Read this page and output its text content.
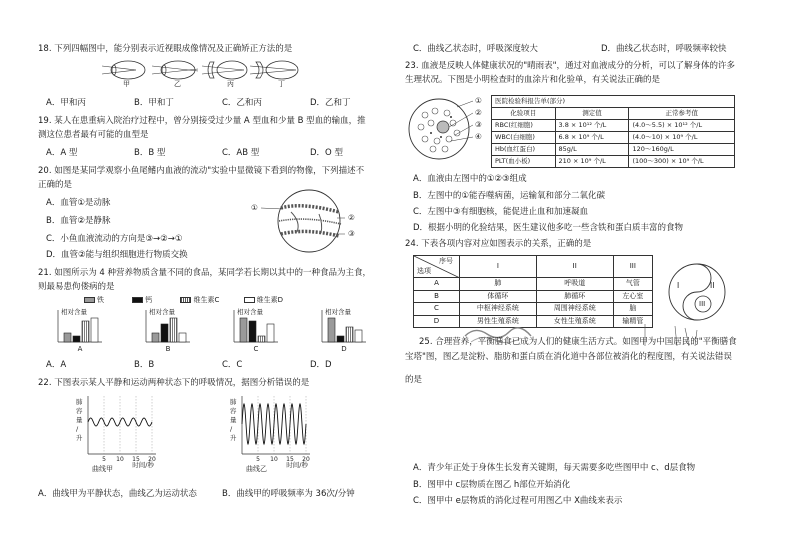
18. 下列四幅图中，能分别表示近视眼成像情况及正确矫正方法的是
甲	乙	丙	丁
A．甲和丙	B．甲和丁	C．乙和丙	D．乙和丁
19. 某人在患重病入院治疗过程中，曾分别接受过少量 A 型血和少量 B 型血的输血，推
测这位患者最有可能的血型是
A．A 型	B．B 型	C．AB 型	D．O 型
20. 如图是某同学观察小鱼尾鳍内血液的流动"实验中显微镜下看到的物像，下列描述不
正确的是
A．血管①是动脉
B．血管②是静脉
C．小鱼血液流动的方向是③→②→①
D．血管②能与组织细胞进行物质交换
①
②
③
21. 如图所示为 4 种营养物质含量不同的食品，某同学若长期以其中的一种食品为主食，
则最易患佝偻病的是
铁	钙	维生素C	维生素D
相对含量
A
相对含量
B
相对含量
C
相对含量
D
A．A	B．B	C．C	D．D
22. 下图表示某人平静和运动两种状态下的呼吸情况，据图分析错误的是
肺
容
量
/
升
5 10 15 20
时间/秒
曲线甲
肺
容
量
/
升
5 10 15 20
时间/秒
曲线乙
A．曲线甲为平静状态，曲线乙为运动状态	B．曲线甲的呼吸频率为 36次/分钟
C．曲线乙状态时，呼吸深度较大	D．曲线乙状态时，呼吸频率较快
23. 血液是反映人体健康状况的"晴雨表"，通过对血液成分的分析，可以了解身体的许多
生理状况。下图是小明检查时的血涂片和化验单，有关说法正确的是
①
②
③
④
医院检验科报告单(部分)		
化验项目	测定值	正常参考值
RBC(红细胞)	3.8 × 10¹² 个/L	(4.0～5.5) × 10¹² 个/L
WBC(白细胞)	6.8 × 10⁹ 个/L	(4.0～10) × 10⁹ 个/L
Hb(血红蛋白)	85g/L	120～160g/L
PLT(血小板)	210 × 10⁹ 个/L	(100～300) × 10⁹ 个/L
A．血液由左图中的①②③组成
B．左图中的①能吞噬病菌，运输氧和部分二氧化碳
C．左图中③有细胞核，能促进止血和加速凝血
D．根据小明的化验结果，医生建议他多吃一些含铁和蛋白质丰富的食物
24. 下表各项内容对应如图表示的关系，正确的是
序号
选项	I	II	III
A	肺	呼吸道	气管
B	体循环	肺循环	左心室
C	中枢神经系统	周围神经系统	脑
D	男性生殖系统	女性生殖系统	输精管
I	II
III
25. 合理营养，平衡膳食已成为人们的健康生活方式。如图甲为中国居民的"平衡膳食
宝塔"图，图乙是淀粉、脂肪和蛋白质在消化道中各部位被消化的程度图，有关说法错误
的是
A．青少年正处于身体生长发育关键期，每天需要多吃些图甲中 c、d层食物
B．图甲中 c层物质在图乙 h部位开始消化
C．图甲中 e层物质的消化过程可用图乙中 X曲线来表示
